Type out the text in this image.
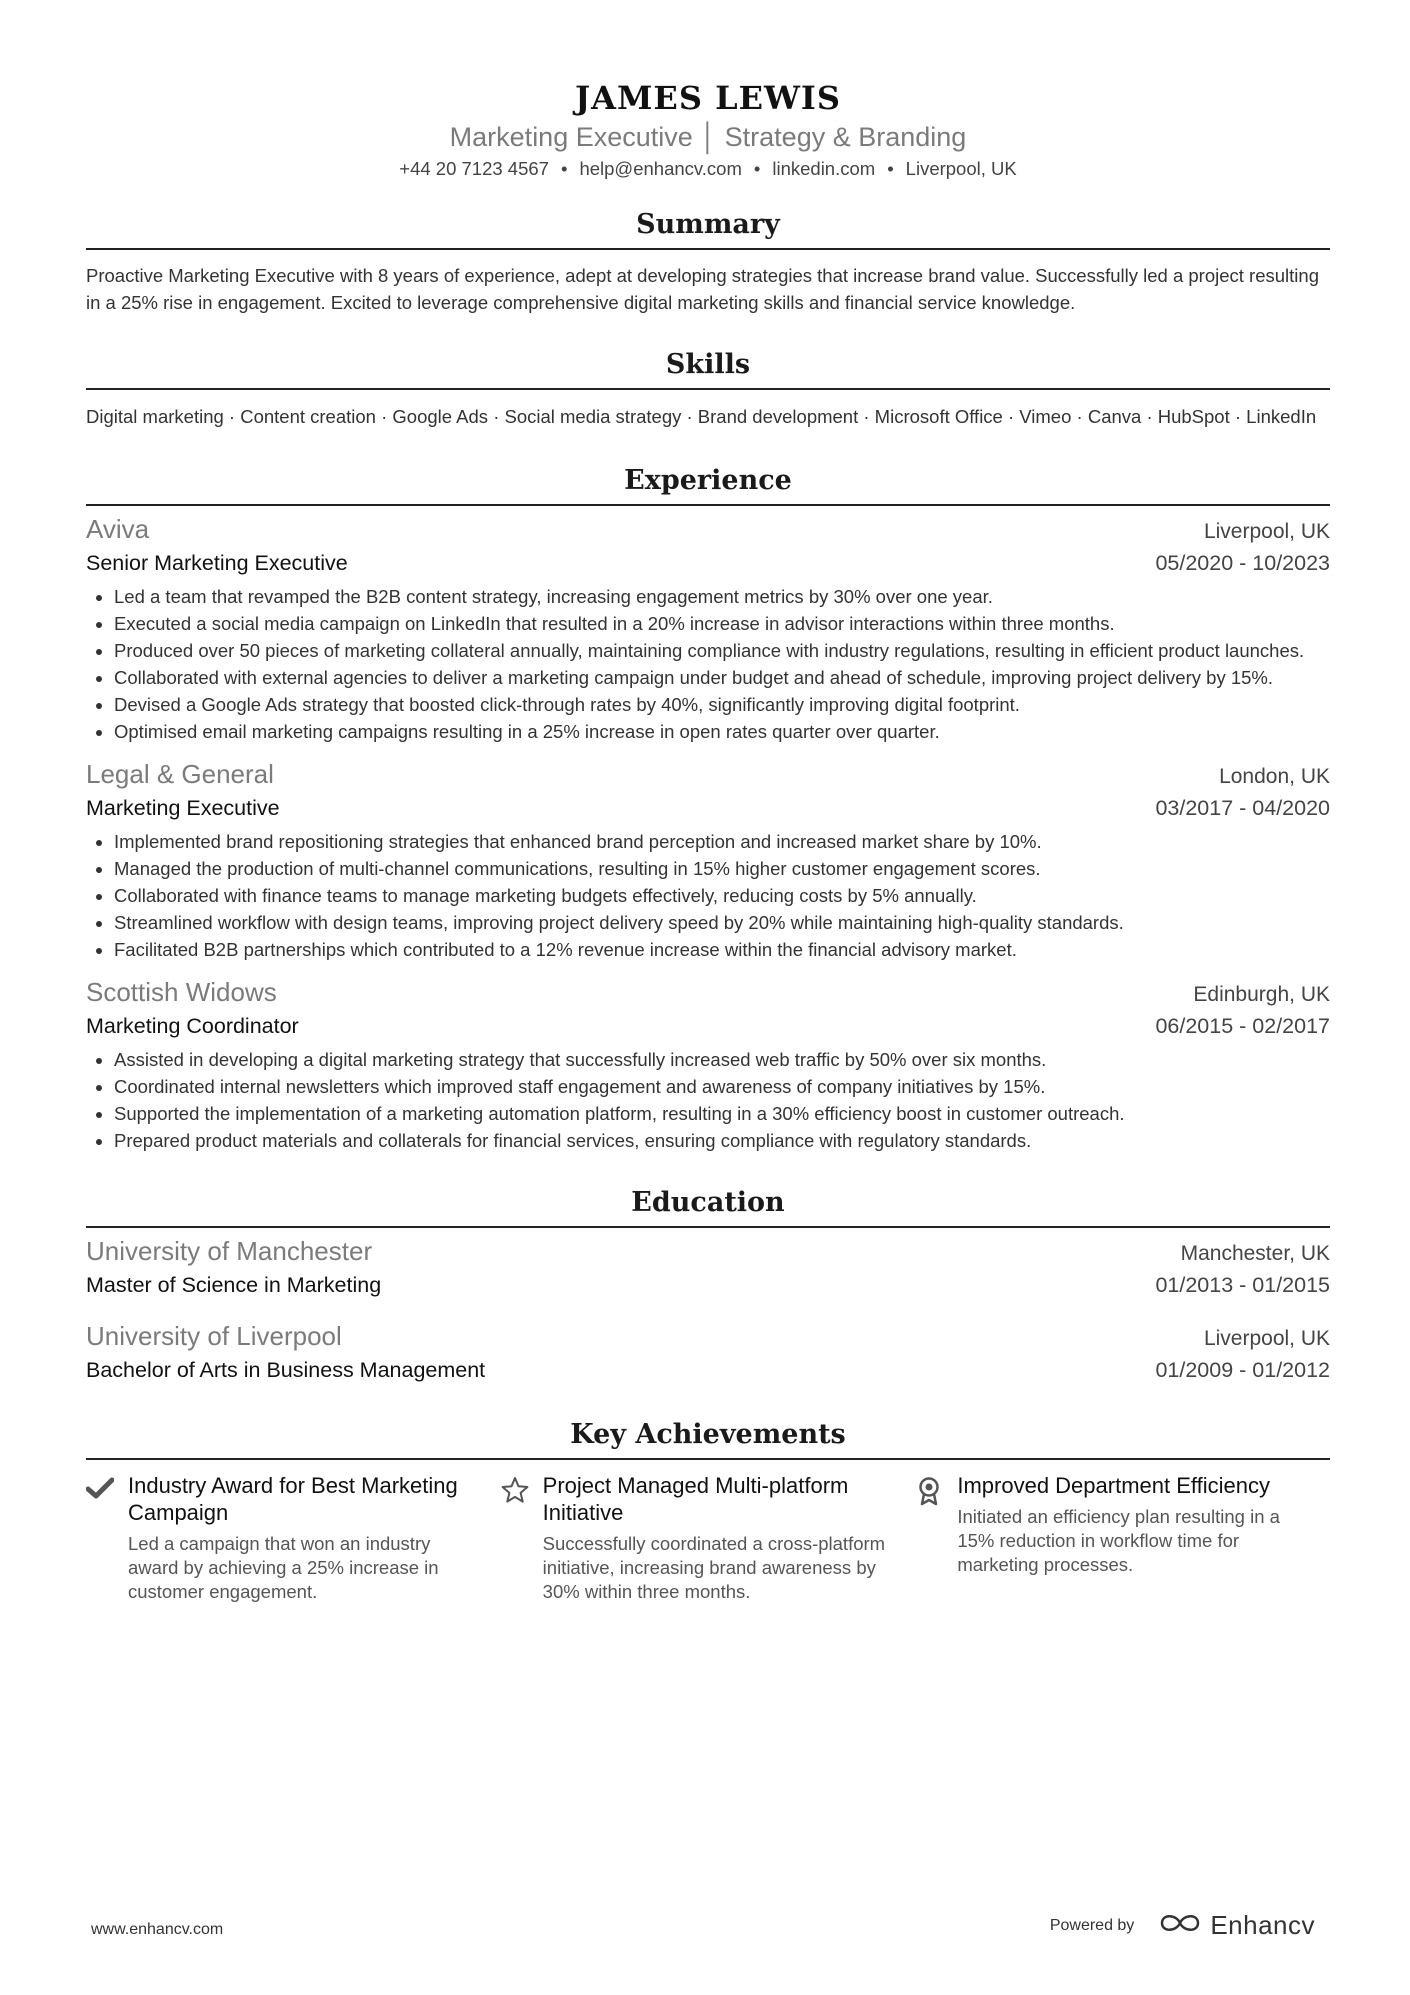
JAMES LEWIS
Marketing Executive │ Strategy & Branding
+44 20 7123 4567 • help@enhancv.com • linkedin.com • Liverpool, UK
Summary
Proactive Marketing Executive with 8 years of experience, adept at developing strategies that increase brand value. Successfully led a project resulting in a 25% rise in engagement. Excited to leverage comprehensive digital marketing skills and financial service knowledge.
Skills
Digital marketing · Content creation · Google Ads · Social media strategy · Brand development · Microsoft Office · Vimeo · Canva · HubSpot · LinkedIn
Experience
Aviva	Liverpool, UK
Senior Marketing Executive	05/2020 - 10/2023
• Led a team that revamped the B2B content strategy, increasing engagement metrics by 30% over one year.
• Executed a social media campaign on LinkedIn that resulted in a 20% increase in advisor interactions within three months.
• Produced over 50 pieces of marketing collateral annually, maintaining compliance with industry regulations, resulting in efficient product launches.
• Collaborated with external agencies to deliver a marketing campaign under budget and ahead of schedule, improving project delivery by 15%.
• Devised a Google Ads strategy that boosted click-through rates by 40%, significantly improving digital footprint.
• Optimised email marketing campaigns resulting in a 25% increase in open rates quarter over quarter.
Legal & General	London, UK
Marketing Executive	03/2017 - 04/2020
• Implemented brand repositioning strategies that enhanced brand perception and increased market share by 10%.
• Managed the production of multi-channel communications, resulting in 15% higher customer engagement scores.
• Collaborated with finance teams to manage marketing budgets effectively, reducing costs by 5% annually.
• Streamlined workflow with design teams, improving project delivery speed by 20% while maintaining high-quality standards.
• Facilitated B2B partnerships which contributed to a 12% revenue increase within the financial advisory market.
Scottish Widows	Edinburgh, UK
Marketing Coordinator	06/2015 - 02/2017
• Assisted in developing a digital marketing strategy that successfully increased web traffic by 50% over six months.
• Coordinated internal newsletters which improved staff engagement and awareness of company initiatives by 15%.
• Supported the implementation of a marketing automation platform, resulting in a 30% efficiency boost in customer outreach.
• Prepared product materials and collaterals for financial services, ensuring compliance with regulatory standards.
Education
University of Manchester	Manchester, UK
Master of Science in Marketing	01/2013 - 01/2015
University of Liverpool	Liverpool, UK
Bachelor of Arts in Business Management	01/2009 - 01/2012
Key Achievements
Industry Award for Best Marketing Campaign
Led a campaign that won an industry award by achieving a 25% increase in customer engagement.
Project Managed Multi-platform Initiative
Successfully coordinated a cross-platform initiative, increasing brand awareness by 30% within three months.
Improved Department Efficiency
Initiated an efficiency plan resulting in a 15% reduction in workflow time for marketing processes.
www.enhancv.com	Powered by	Enhancv
